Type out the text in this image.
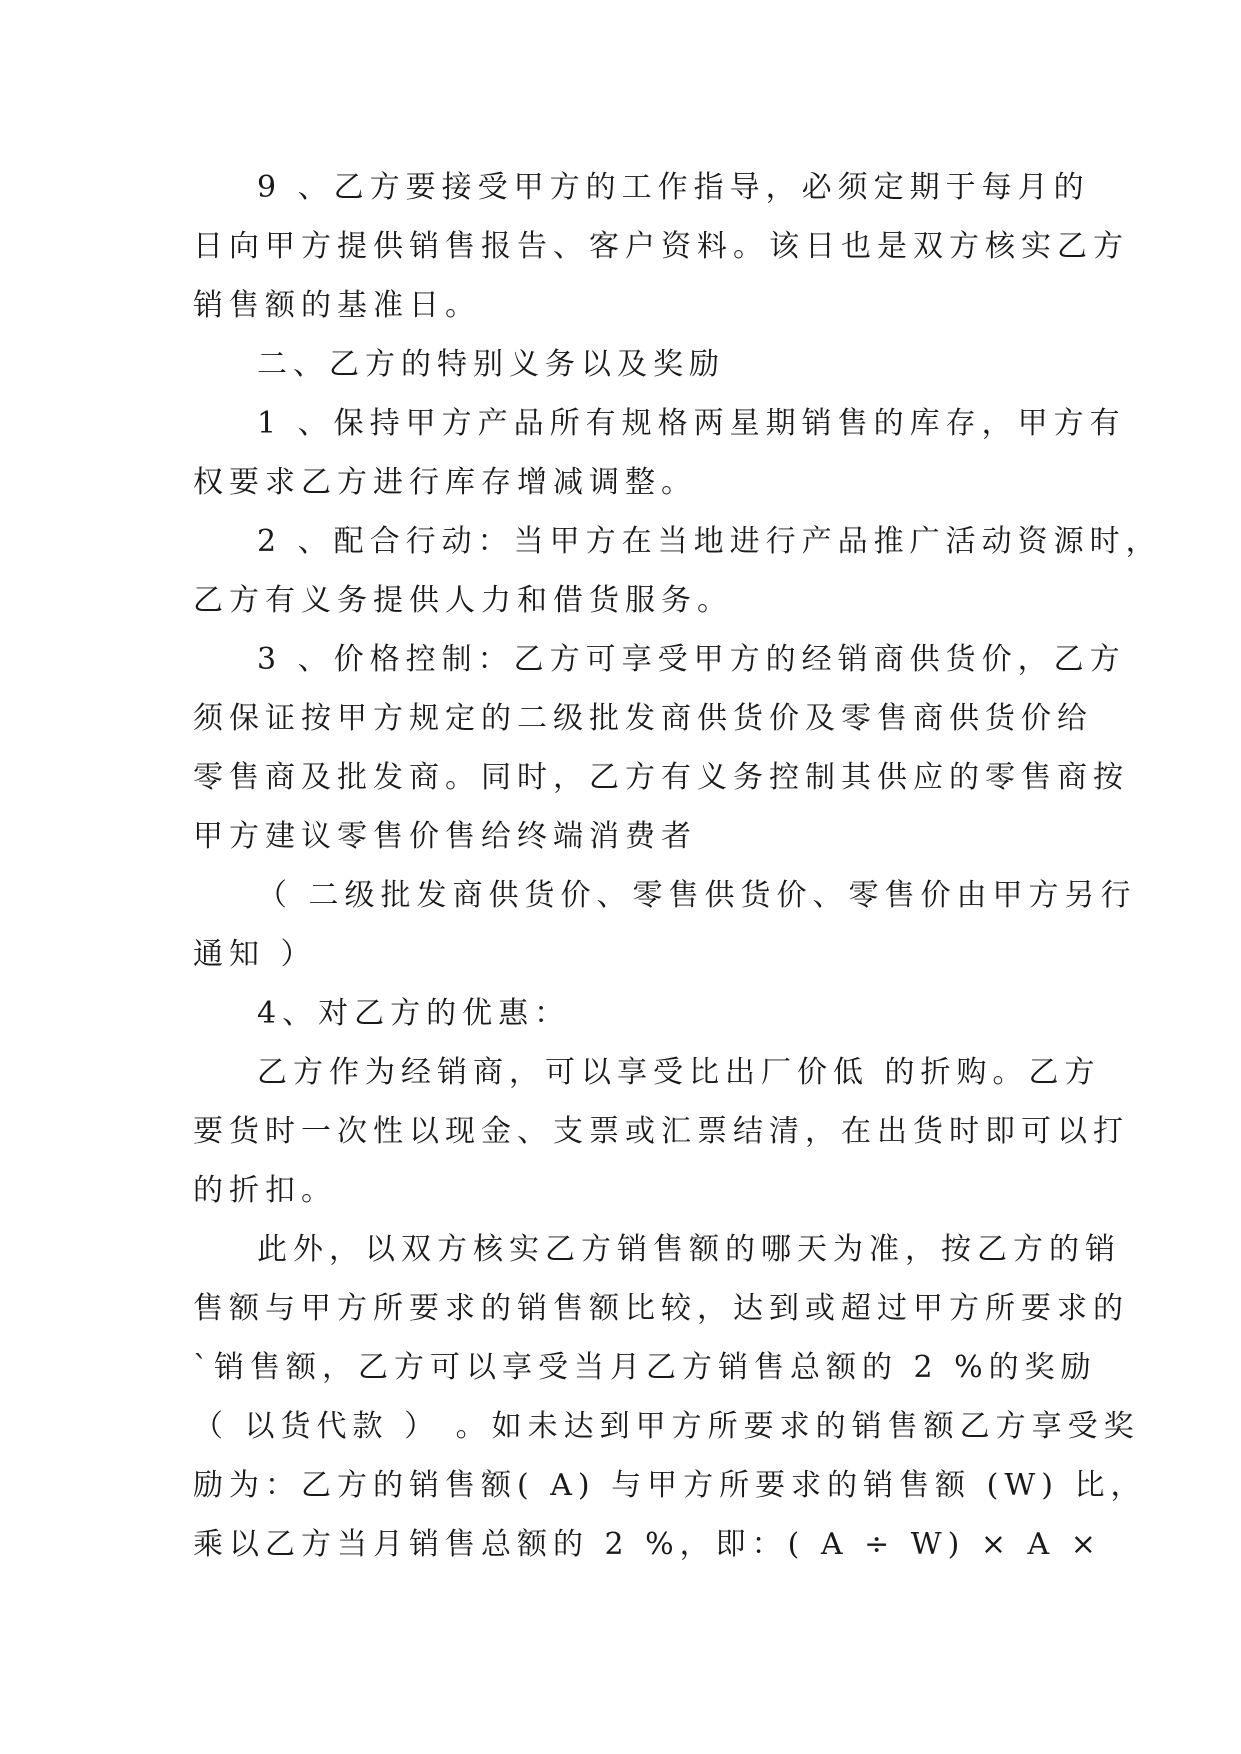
9 、乙方要接受甲方的工作指导，必须定期于每月的
日向甲方提供销售报告、客户资料。该日也是双方核实乙方
销售额的基准日。
二、乙方的特别义务以及奖励
1 、保持甲方产品所有规格两星期销售的库存，甲方有
权要求乙方进行库存增减调整。
2 、配合行动：当甲方在当地进行产品推广活动资源时，
乙方有义务提供人力和借货服务。
3 、价格控制：乙方可享受甲方的经销商供货价，乙方
须保证按甲方规定的二级批发商供货价及零售商供货价给
零售商及批发商。同时，乙方有义务控制其供应的零售商按
甲方建议零售价售给终端消费者
（ 二级批发商供货价、零售供货价、零售价由甲方另行
通知 ）
4、对乙方的优惠：
乙方作为经销商，可以享受比出厂价低 的折购。乙方
要货时一次性以现金、支票或汇票结清，在出货时即可以打
的折扣。
此外，以双方核实乙方销售额的哪天为准，按乙方的销
售额与甲方所要求的销售额比较，达到或超过甲方所要求的
`销售额，乙方可以享受当月乙方销售总额的 2 %的奖励
（ 以货代款 ） 。如未达到甲方所要求的销售额乙方享受奖
励为：乙方的销售额( A) 与甲方所要求的销售额 (W) 比，
乘以乙方当月销售总额的 2 %，即：( A ÷ W) × A ×
